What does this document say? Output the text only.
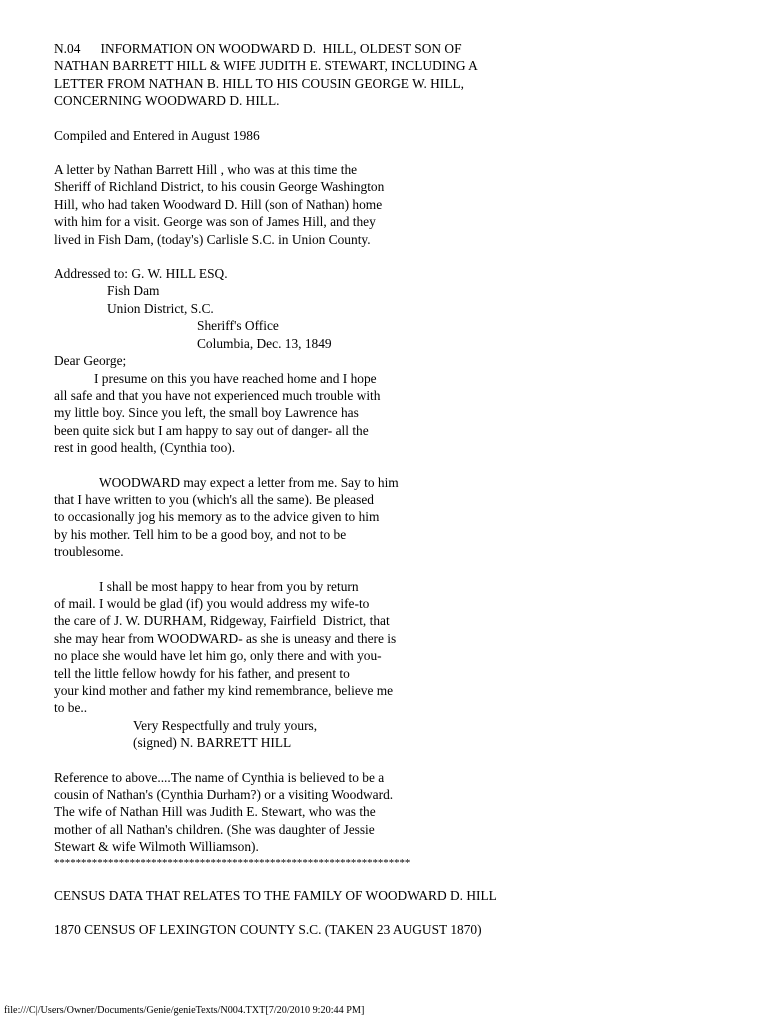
N.04      INFORMATION ON WOODWARD D.  HILL, OLDEST SON OF
NATHAN BARRETT HILL & WIFE JUDITH E. STEWART, INCLUDING A
LETTER FROM NATHAN B. HILL TO HIS COUSIN GEORGE W. HILL,
CONCERNING WOODWARD D. HILL.
Compiled and Entered in August 1986
A letter by Nathan Barrett Hill , who was at this time the
Sheriff of Richland District, to his cousin George Washington
Hill, who had taken Woodward D. Hill (son of Nathan) home
with him for a visit. George was son of James Hill, and they
lived in Fish Dam, (today's) Carlisle S.C. in Union County.
Addressed to: G. W. HILL ESQ.
Fish Dam
Union District, S.C.
Sheriff's Office
Columbia, Dec. 13, 1849
Dear George;
I presume on this you have reached home and I hope
all safe and that you have not experienced much trouble with
my little boy. Since you left, the small boy Lawrence has
been quite sick but I am happy to say out of danger- all the
rest in good health, (Cynthia too).
WOODWARD may expect a letter from me. Say to him
that I have written to you (which's all the same). Be pleased
to occasionally jog his memory as to the advice given to him
by his mother. Tell him to be a good boy, and not to be
troublesome.
I shall be most happy to hear from you by return
of mail. I would be glad (if) you would address my wife-to
the care of J. W. DURHAM, Ridgeway, Fairfield  District, that
she may hear from WOODWARD- as she is uneasy and there is
no place she would have let him go, only there and with you-
tell the little fellow howdy for his father, and present to
your kind mother and father my kind remembrance, believe me
to be..
Very Respectfully and truly yours,
(signed) N. BARRETT HILL
Reference to above....The name of Cynthia is believed to be a
cousin of Nathan's (Cynthia Durham?) or a visiting Woodward.
The wife of Nathan Hill was Judith E. Stewart, who was the
mother of all Nathan's children. (She was daughter of Jessie
Stewart & wife Wilmoth Williamson).
******************************************************************
CENSUS DATA THAT RELATES TO THE FAMILY OF WOODWARD D. HILL
1870 CENSUS OF LEXINGTON COUNTY S.C. (TAKEN 23 AUGUST 1870)
file:///C|/Users/Owner/Documents/Genie/genieTexts/N004.TXT[7/20/2010 9:20:44 PM]
